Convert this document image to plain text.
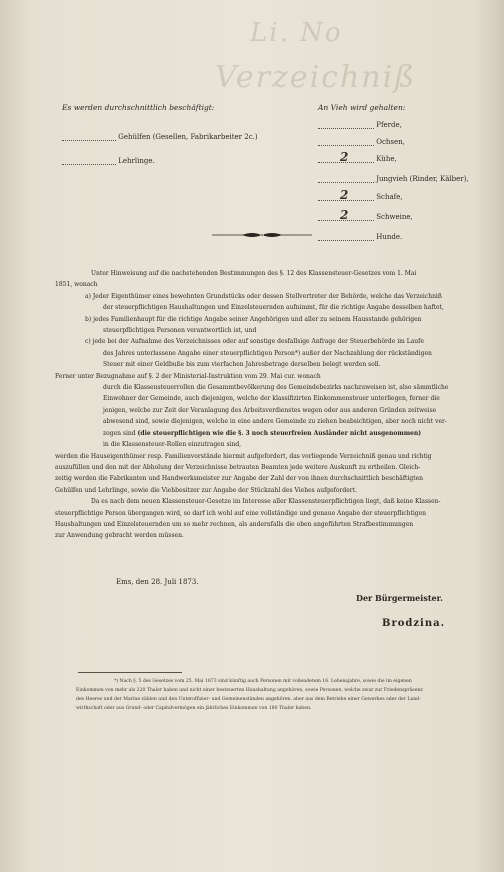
Li. No
Verzeichniß
Es werden durchschnittlich beschäftigt:
Gehülfen (Gesellen, Fabrikarbeiter 2c.)
Lehrlinge.
An Vieh wird gehalten:
Pferde,
Ochsen,
2	Kühe,
Jungvieh (Rinder, Kälber),
2	Schafe,
2	Schweine,
Hunde.

Unter Hinweisung auf die nachstehenden Bestimmungen des §. 12 des Klassensteuer-Gesetzes vom 1. Mai

1851, wonach

a) Jeder Eigenthümer eines bewohnten Grundstücks oder dessen Stellvertreter der Behörde, welche das Verzeichniß

der steuerpflichtigen Haushaltungen und Einzelsteuernden aufnimmt, für die richtige Angabe desselben haftet,

b) jedes Familienhaupt für die richtige Angabe seiner Angehörigen und aller zu seinem Hausstande gehörigen

steuerpflichtigen Personen verantwortlich ist, und

c) jede bei der Aufnahme des Verzeichnisses oder auf sonstige desfallsige Anfrage der Steuerbehörde im Laufe

des Jahres unterlassene Angabe einer steuerpflichtigen Person*) außer der Nachzahlung der rückständigen

Steuer mit einer Geldbuße bis zum vierfachen Jahresbetrage derselben belegt werden soll.

Ferner unter Bezugnahme auf §. 2 der Ministerial-Instruktion vom 29. Mai cur. wonach

durch die Klassensteuerrollen die Gesammtbevölkerung des Gemeindebezirks nachzuweisen ist, also sämmtliche

Einwohner der Gemeinde, auch diejenigen, welche der klassifizirten Einkommensteuer unterliegen, ferner die

jenigen, welche zur Zeit der Veranlagung des Arbeitsverdienstes wegen oder aus anderen Gründen zeitweise

abwesend sind, sowie diejenigen, welche in eine andere Gemeinde zu ziehen beabsichtigen, aber noch nicht ver-

zogen sind (die steuerpflichtigen wie die §. 3 noch steuerfreien Ausländer nicht ausgenommen)

in die Klassensteuer-Rollen einzutragen sind,

werden die Hauseigenthümer resp. Familienvorstände hiermit aufgefordert, das vorliegende Verzeichniß genau und richtig

auszufüllen und den mit der Abholung der Verzeichnisse betrauten Beamten jede weitere Auskunft zu ertheilen. Gleich-

zeitig werden die Fabrikanten und Handwerksmeister zur Angabe der Zahl der von ihnen durchschnittlich beschäftigten

Gehülfen und Lehrlinge, sowie die Viehbesitzer zur Angabe der Stückzahl des Viehes aufgefordert.

Da es nach dem neuen Klassensteuer-Gesetze im Interesse aller Klassensteuerpflichtigen liegt, daß keine Klassen-

steuerpflichtige Person übergangen wird, so darf ich wohl auf eine vollständige und genaue Angabe der steuerpflichtigen

Haushaltungen und Einzelsteuernden um so mehr rechnen, als andernfalls die oben angeführten Strafbestimmungen

zur Anwendung gebracht werden müssen.

Ems, den 28. Juli 1873.
Der Bürgermeister.
Brodzina.

*) Nach §. 5 des Gesetzes vom 25. Mai 1873 sind künftig auch Personen mit vollendetem 16. Lebensjahre, sowie die im eigenen

Einkommen von mehr als 220 Thaler haben und nicht einer besteuerten Haushaltung angehören, sowie Personen, welche zwar zur Friedenspräsenz

des Heeres und der Marine zählen und den Unteroffizier- und Gemeinenständen angehören, aber aus dem Betriebe einer Gewerbes oder der Land-

wirthschaft oder aus Grund- oder Capitalvermögen ein jährliches Einkommen von 180 Thaler haben.
